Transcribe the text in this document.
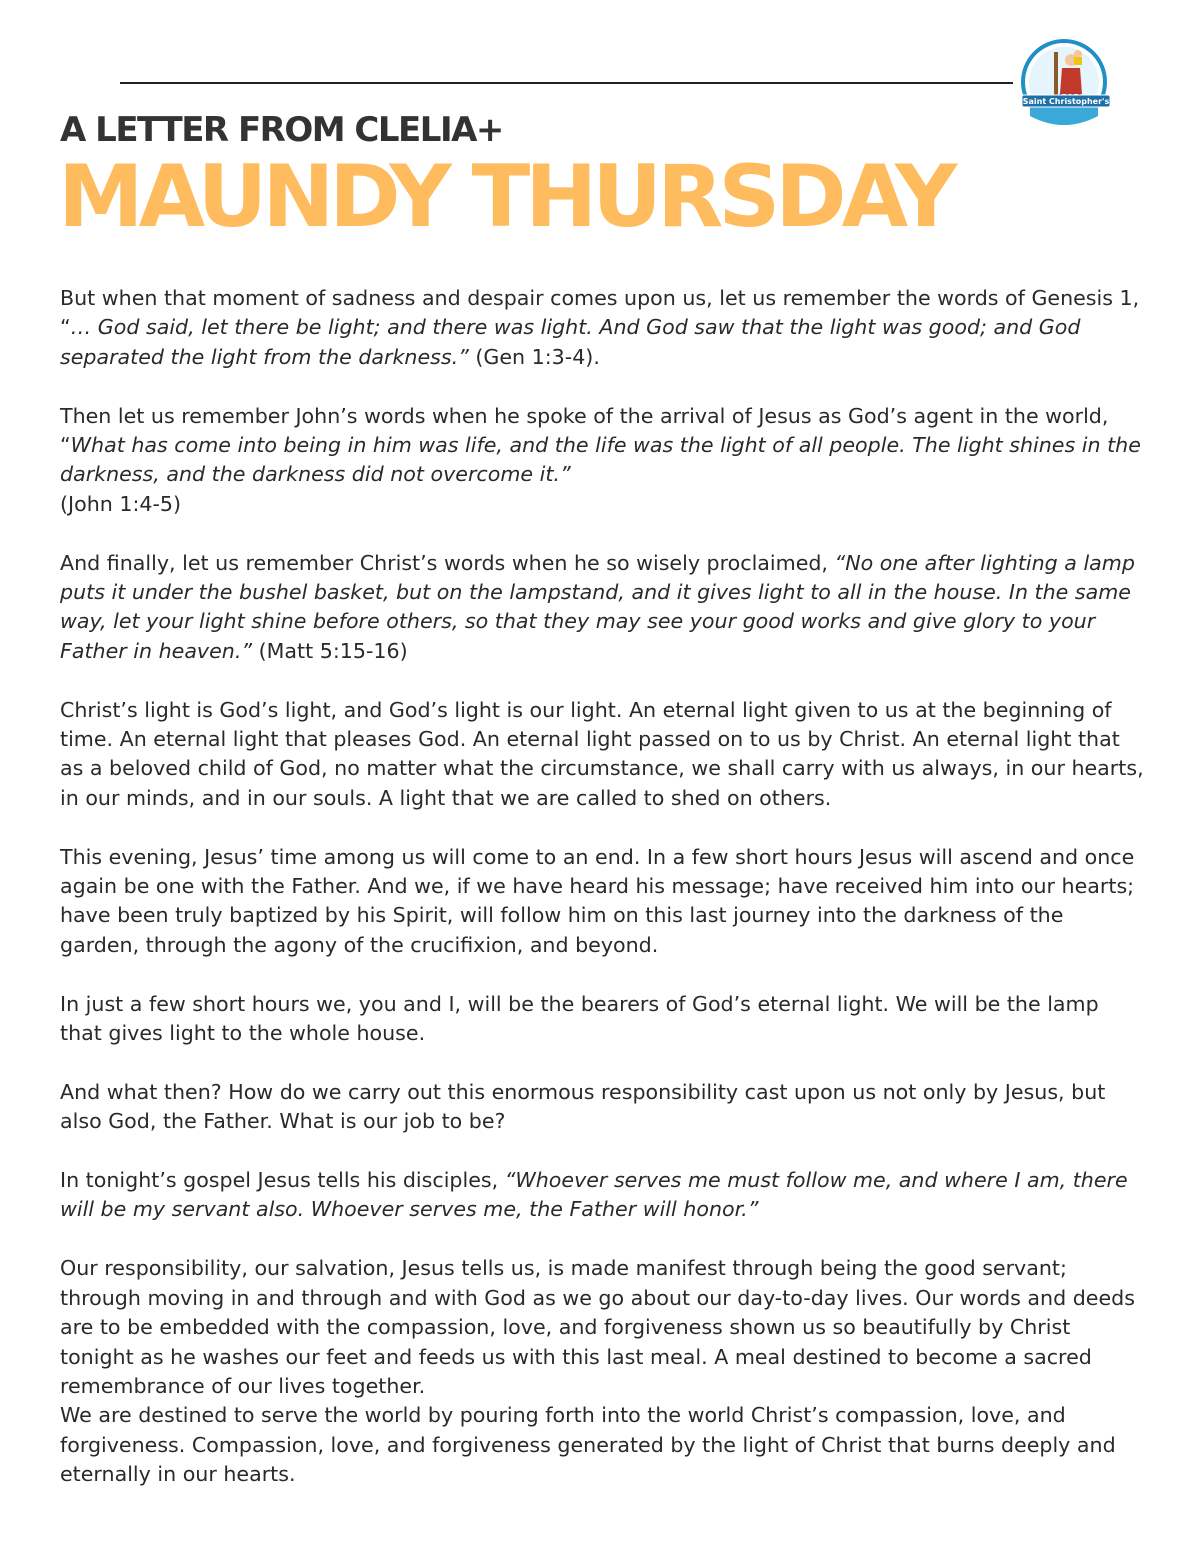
Saint Christopher's
A LETTER FROM CLELIA+
MAUNDY THURSDAY

But when that moment of sadness and despair comes upon us, let us remember the words of Genesis 1, “… God said, let there be light; and there was light. And God saw that the light was good; and God separated the light from the darkness.” (Gen 1:3-4).

Then let us remember John’s words when he spoke of the arrival of Jesus as God’s agent in the world, “What has come into being in him was life, and the life was the light of all people. The light shines in the darkness, and the darkness did not overcome it.”
(John 1:4-5)

And finally, let us remember Christ’s words when he so wisely proclaimed, “No one after lighting a lamp puts it under the bushel basket, but on the lampstand, and it gives light to all in the house. In the same way, let your light shine before others, so that they may see your good works and give glory to your Father in heaven.” (Matt 5:15-16)

Christ’s light is God’s light, and God’s light is our light. An eternal light given to us at the beginning of time. An eternal light that pleases God. An eternal light passed on to us by Christ. An eternal light that as a beloved child of God, no matter what the circumstance, we shall carry with us always, in our hearts, in our minds, and in our souls. A light that we are called to shed on others.

This evening, Jesus’ time among us will come to an end. In a few short hours Jesus will ascend and once again be one with the Father. And we, if we have heard his message; have received him into our hearts; have been truly baptized by his Spirit, will follow him on this last journey into the darkness of the garden, through the agony of the crucifixion, and beyond.

In just a few short hours we, you and I, will be the bearers of God’s eternal light. We will be the lamp that gives light to the whole house.

And what then? How do we carry out this enormous responsibility cast upon us not only by Jesus, but also God, the Father. What is our job to be?

In tonight’s gospel Jesus tells his disciples, “Whoever serves me must follow me, and where I am, there will be my servant also. Whoever serves me, the Father will honor.”

Our responsibility, our salvation, Jesus tells us, is made manifest through being the good servant; through moving in and through and with God as we go about our day-to-day lives. Our words and deeds are to be embedded with the compassion, love, and forgiveness shown us so beautifully by Christ tonight as he washes our feet and feeds us with this last meal. A meal destined to become a sacred remembrance of our lives together.

We are destined to serve the world by pouring forth into the world Christ’s compassion, love, and forgiveness. Compassion, love, and forgiveness generated by the light of Christ that burns deeply and eternally in our hearts.
